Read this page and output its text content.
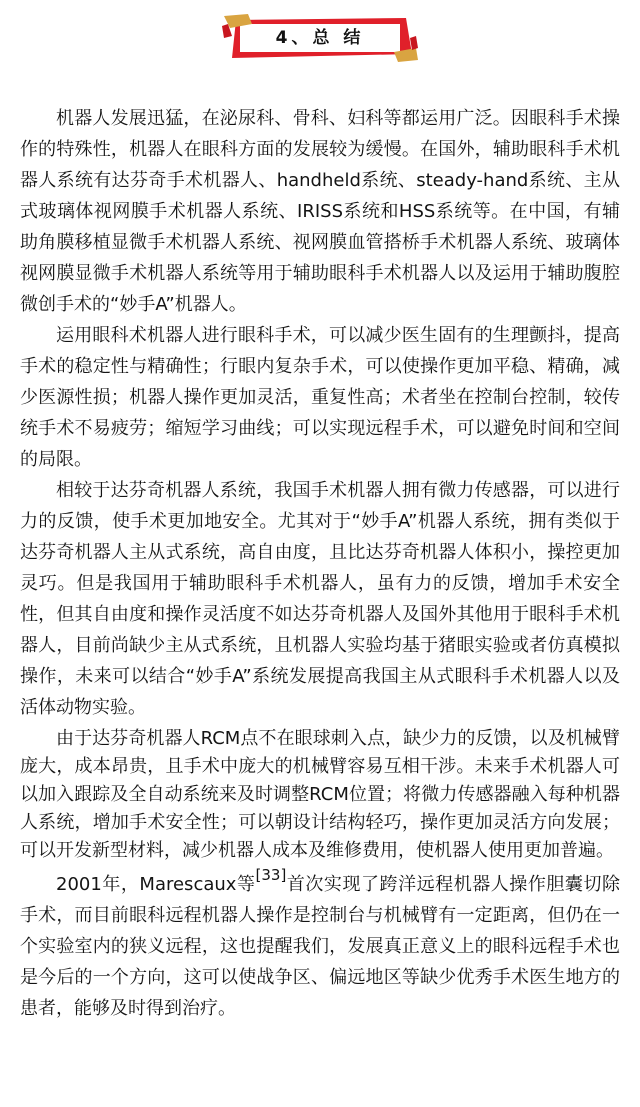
4、总 结

机器人发展迅猛，在泌尿科、骨科、妇科等都运用广泛。因眼科手术操作的特殊性，机器人在眼科方面的发展较为缓慢。在国外，辅助眼科手术机器人系统有达芬奇手术机器人、handheld系统、steady-hand系统、主从式玻璃体视网膜手术机器人系统、IRISS系统和HSS系统等。在中国，有辅助角膜移植显微手术机器人系统、视网膜血管搭桥手术机器人系统、玻璃体视网膜显微手术机器人系统等用于辅助眼科手术机器人以及运用于辅助腹腔微创手术的“妙手A”机器人。

运用眼科术机器人进行眼科手术，可以减少医生固有的生理颤抖，提高手术的稳定性与精确性；行眼内复杂手术，可以使操作更加平稳、精确，减少医源性损；机器人操作更加灵活，重复性高；术者坐在控制台控制，较传统手术不易疲劳；缩短学习曲线；可以实现远程手术，可以避免时间和空间的局限。

相较于达芬奇机器人系统，我国手术机器人拥有微力传感器，可以进行力的反馈，使手术更加地安全。尤其对于“妙手A”机器人系统，拥有类似于达芬奇机器人主从式系统，高自由度，且比达芬奇机器人体积小，操控更加灵巧。但是我国用于辅助眼科手术机器人，虽有力的反馈，增加手术安全性，但其自由度和操作灵活度不如达芬奇机器人及国外其他用于眼科手术机器人，目前尚缺少主从式系统，且机器人实验均基于猪眼实验或者仿真模拟操作，未来可以结合“妙手A”系统发展提高我国主从式眼科手术机器人以及活体动物实验。

由于达芬奇机器人RCM点不在眼球刺入点，缺少力的反馈，以及机械臂庞大，成本昂贵，且手术中庞大的机械臂容易互相干涉。未来手术机器人可以加入跟踪及全自动系统来及时调整RCM位置；将微力传感器融入每种机器人系统，增加手术安全性；可以朝设计结构轻巧，操作更加灵活方向发展；可以开发新型材料，减少机器人成本及维修费用，使机器人使用更加普遍。

2001年，Marescaux等[33]首次实现了跨洋远程机器人操作胆囊切除手术，而目前眼科远程机器人操作是控制台与机械臂有一定距离，但仍在一个实验室内的狭义远程，这也提醒我们，发展真正意义上的眼科远程手术也是今后的一个方向，这可以使战争区、偏远地区等缺少优秀手术医生地方的患者，能够及时得到治疗。
